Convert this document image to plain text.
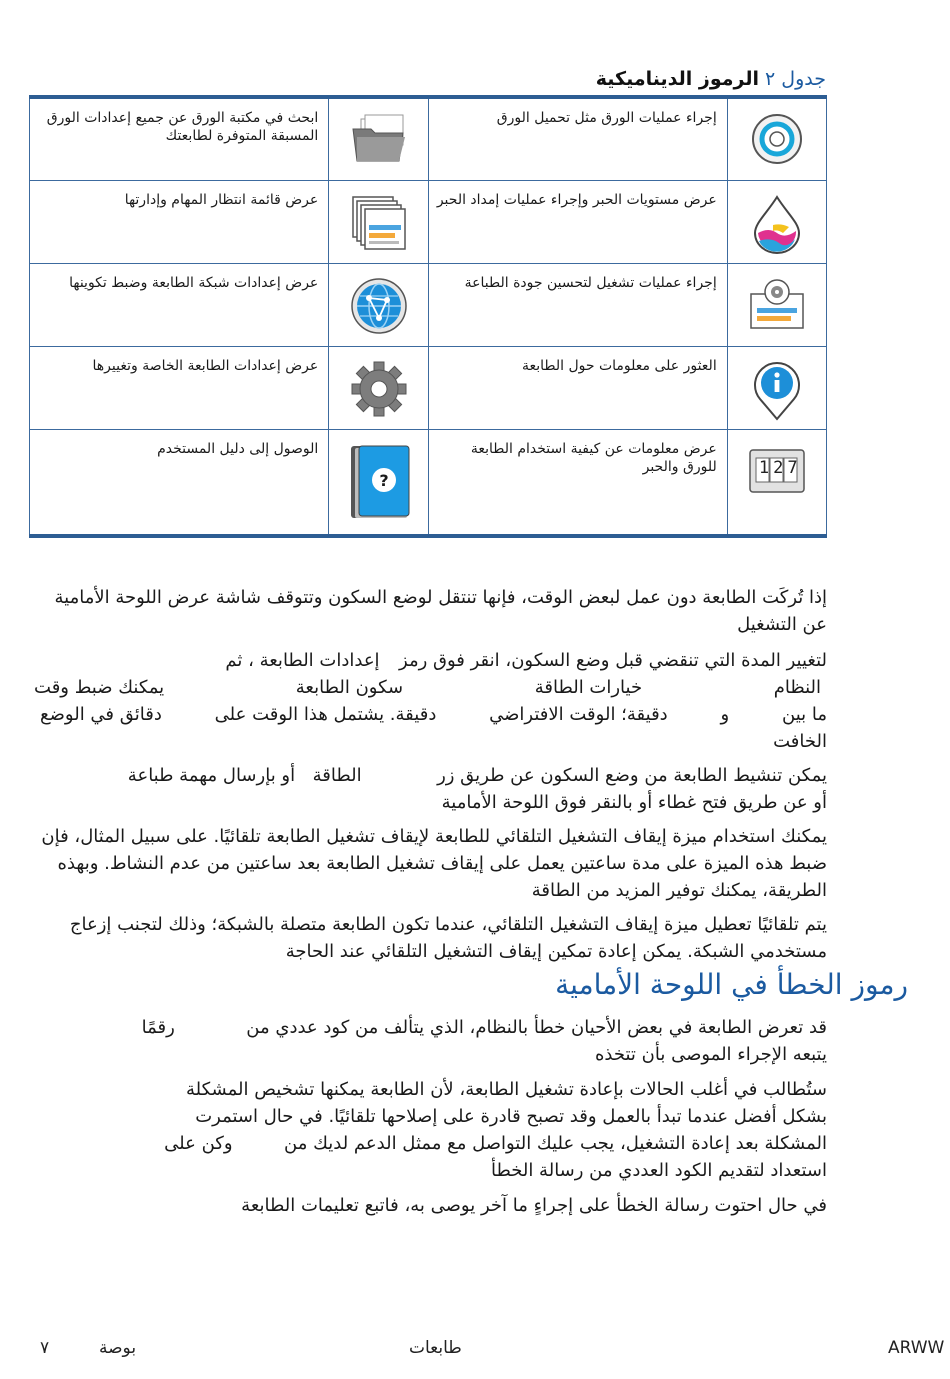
جدول ٢ الرموز الديناميكية
	إجراء عمليات الورق مثل تحميل الورق		ابحث في مكتبة الورق عن جميع إعدادات الورق المسبقة المتوفرة لطابعتك
	عرض مستويات الحبر وإجراء عمليات إمداد الحبر		عرض قائمة انتظار المهام وإدارتها
	إجراء عمليات تشغيل لتحسين جودة الطباعة		عرض إعدادات شبكة الطابعة وضبط تكوينها
	العثور على معلومات حول الطابعة		عرض إعدادات الطابعة الخاصة وتغييرها

127	عرض معلومات عن كيفية استخدام الطابعة للورق والحبر	?	الوصول إلى دليل المستخدم

إذا تُركَت الطابعة دون عمل لبعض الوقت، فإنها تنتقل لوضع السكون وتتوقف شاشة عرض اللوحة الأمامية عن التشغيل

لتغيير المدة التي تنقضي قبل وضع السكون، انقر فوق رمز  إعدادات الطابعة ، ثم

النظام
خيارات الطاقة
سكون الطابعة
يمكنك ضبط وقت

ما بين
و
دقيقة؛ الوقت الافتراضي
دقيقة. يشتمل هذا الوقت على
دقائق في الوضع

الخافت

يمكن تنشيط الطابعة من وضع السكون عن طريق زر  الطاقة  أو بإرسال مهمة طباعة

أو عن طريق فتح غطاء أو بالنقر فوق اللوحة الأمامية

يمكنك استخدام ميزة إيقاف التشغيل التلقائي للطابعة لإيقاف تشغيل الطابعة تلقائيًا. على سبيل المثال، فإن ضبط هذه الميزة على مدة ساعتين يعمل على إيقاف تشغيل الطابعة بعد ساعتين من عدم النشاط. وبهذه الطريقة، يمكنك توفير المزيد من الطاقة

يتم تلقائيًا تعطيل ميزة إيقاف التشغيل التلقائي، عندما تكون الطابعة متصلة بالشبكة؛ وذلك لتجنب إزعاج مستخدمي الشبكة. يمكن إعادة تمكين إيقاف التشغيل التلقائي عند الحاجة

رموز الخطأ في اللوحة الأمامية

قد تعرض الطابعة في بعض الأحيان خطأ بالنظام، الذي يتألف من كود عددي من  رقمًا

يتبعه الإجراء الموصى بأن تتخذه

ستُطالب في أغلب الحالات بإعادة تشغيل الطابعة، لأن الطابعة يمكنها تشخيص المشكلة

بشكل أفضل عندما تبدأ بالعمل وقد تصبح قادرة على إصلاحها تلقائيًا. في حال استمرت

المشكلة بعد إعادة التشغيل، يجب عليك التواصل مع ممثل الدعم لديك من  وكن على

استعداد لتقديم الكود العددي من رسالة الخطأ

في حال احتوت رسالة الخطأ على إجراءٍ ما آخر يوصى به، فاتبع تعليمات الطابعة

٧	بوصة	طابعات	ARWW
